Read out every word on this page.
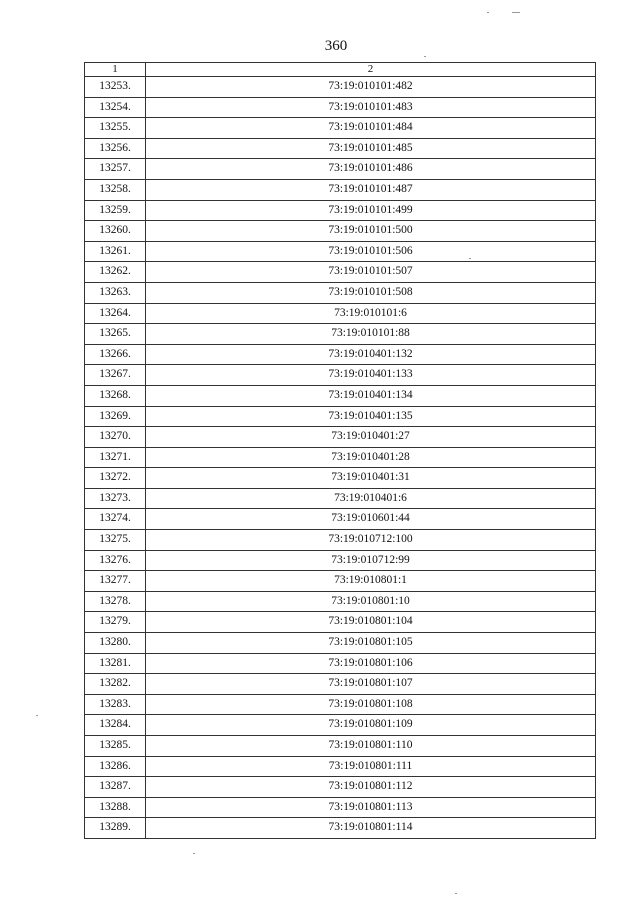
360
1	2
13253.	73:19:010101:482
13254.	73:19:010101:483
13255.	73:19:010101:484
13256.	73:19:010101:485
13257.	73:19:010101:486
13258.	73:19:010101:487
13259.	73:19:010101:499
13260.	73:19:010101:500
13261.	73:19:010101:506
13262.	73:19:010101:507
13263.	73:19:010101:508
13264.	73:19:010101:6
13265.	73:19:010101:88
13266.	73:19:010401:132
13267.	73:19:010401:133
13268.	73:19:010401:134
13269.	73:19:010401:135
13270.	73:19:010401:27
13271.	73:19:010401:28
13272.	73:19:010401:31
13273.	73:19:010401:6
13274.	73:19:010601:44
13275.	73:19:010712:100
13276.	73:19:010712:99
13277.	73:19:010801:1
13278.	73:19:010801:10
13279.	73:19:010801:104
13280.	73:19:010801:105
13281.	73:19:010801:106
13282.	73:19:010801:107
13283.	73:19:010801:108
13284.	73:19:010801:109
13285.	73:19:010801:110
13286.	73:19:010801:111
13287.	73:19:010801:112
13288.	73:19:010801:113
13289.	73:19:010801:114
